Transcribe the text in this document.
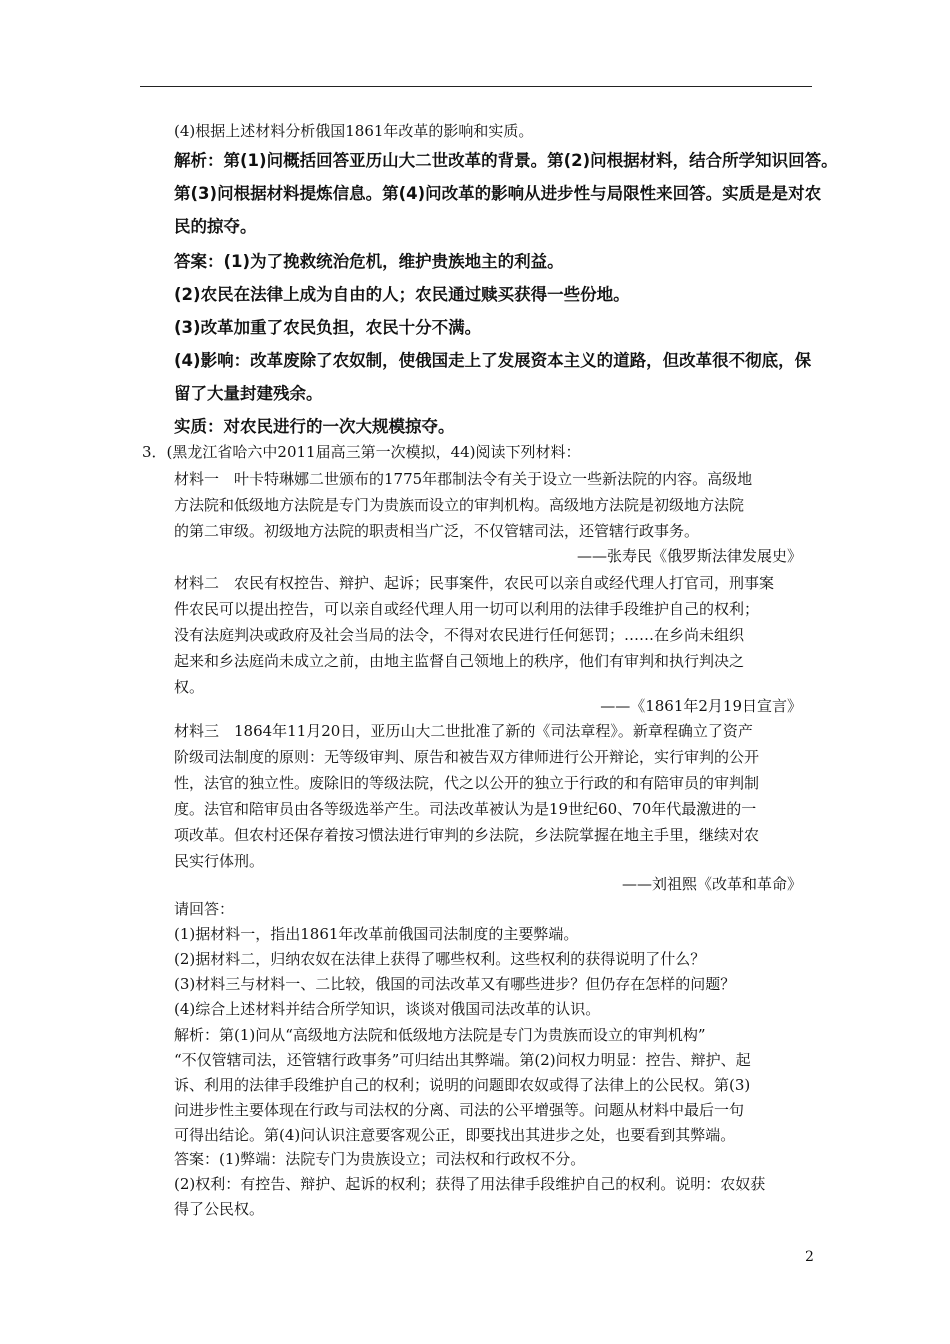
(4)根据上述材料分析俄国1861年改革的影响和实质。
解析：第(1)问概括回答亚历山大二世改革的背景。第(2)问根据材料，结合所学知识回答。
第(3)问根据材料提炼信息。第(4)问改革的影响从进步性与局限性来回答。实质是是对农
民的掠夺。
答案：(1)为了挽救统治危机，维护贵族地主的利益。
(2)农民在法律上成为自由的人；农民通过赎买获得一些份地。
(3)改革加重了农民负担，农民十分不满。
(4)影响：改革废除了农奴制，使俄国走上了发展资本主义的道路，但改革很不彻底，保
留了大量封建残余。
实质：对农民进行的一次大规模掠夺。
3．(黑龙江省哈六中2011届高三第一次模拟，44)阅读下列材料：
材料一　叶卡特琳娜二世颁布的1775年郡制法令有关于设立一些新法院的内容。高级地
方法院和低级地方法院是专门为贵族而设立的审判机构。高级地方法院是初级地方法院
的第二审级。初级地方法院的职责相当广泛，不仅管辖司法，还管辖行政事务。
——张寿民《俄罗斯法律发展史》
材料二　农民有权控告、辩护、起诉；民事案件，农民可以亲自或经代理人打官司，刑事案
件农民可以提出控告，可以亲自或经代理人用一切可以利用的法律手段维护自己的权利；
没有法庭判决或政府及社会当局的法令，不得对农民进行任何惩罚；……在乡尚未组织
起来和乡法庭尚未成立之前，由地主监督自己领地上的秩序，他们有审判和执行判决之
权。
——《1861年2月19日宣言》
材料三　1864年11月20日，亚历山大二世批准了新的《司法章程》。新章程确立了资产
阶级司法制度的原则：无等级审判、原告和被告双方律师进行公开辩论，实行审判的公开
性，法官的独立性。废除旧的等级法院，代之以公开的独立于行政的和有陪审员的审判制
度。法官和陪审员由各等级选举产生。司法改革被认为是19世纪60、70年代最激进的一
项改革。但农村还保存着按习惯法进行审判的乡法院，乡法院掌握在地主手里，继续对农
民实行体刑。
——刘祖熙《改革和革命》
请回答：
(1)据材料一，指出1861年改革前俄国司法制度的主要弊端。
(2)据材料二，归纳农奴在法律上获得了哪些权利。这些权利的获得说明了什么？
(3)材料三与材料一、二比较，俄国的司法改革又有哪些进步？但仍存在怎样的问题？
(4)综合上述材料并结合所学知识，谈谈对俄国司法改革的认识。
解析：第(1)问从“高级地方法院和低级地方法院是专门为贵族而设立的审判机构”
“不仅管辖司法，还管辖行政事务”可归结出其弊端。第(2)问权力明显：控告、辩护、起
诉、利用的法律手段维护自己的权利；说明的问题即农奴或得了法律上的公民权。第(3)
问进步性主要体现在行政与司法权的分离、司法的公平增强等。问题从材料中最后一句
可得出结论。第(4)问认识注意要客观公正，即要找出其进步之处，也要看到其弊端。
答案：(1)弊端：法院专门为贵族设立；司法权和行政权不分。
(2)权利：有控告、辩护、起诉的权利；获得了用法律手段维护自己的权利。说明：农奴获
得了公民权。
2
